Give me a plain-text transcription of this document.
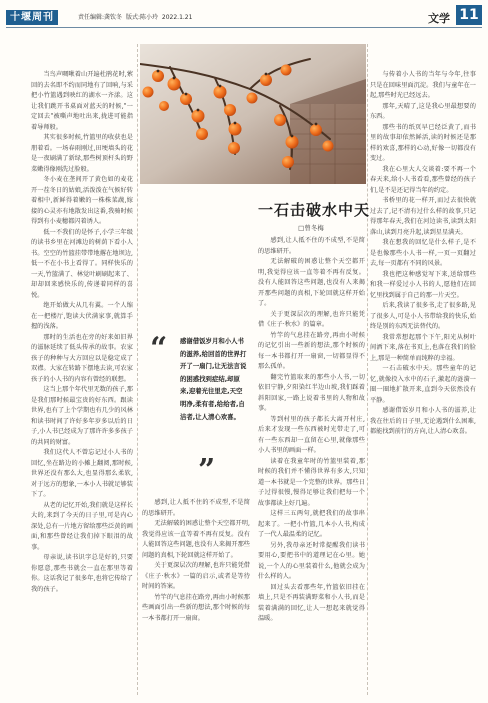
十堰周刊	责任编辑:龚钦冬 版式:陈小玲 2022.1.21	文学 11
一石击破水中天
□曾冬梅

当鸟声啁啾着山开遍杜鹃花时,萦回的去名即不约而同地有了回响,与采把小竹篮遇到映红的湖水一齐漾。这让我们跳开书桌面对蓝天的时候,"一定回去"被嘶声地吐出来,拢进可能指着导师般。

其实很多时候,竹篮里的收获也是朋着看。一场春雨刚过,田埂墙头的花是一夜刷满了新绿,那些树顶杆头的野菜嫩得像刚洗过脸般。

冬小麦在垄间开了黄色如的麦花开一茬冬日的姑娘,活泼泼在气候好转着相中,新鲜得着嫩的一株株菜蔬,嫁接的心灵亦有地散发出这番,我骑时候得到有小麦穗都闪着诱人。

低一不我们的是怀子,小学三年级的读书乡里在河滩边的树荫下看小人书。空空的竹篮挂带带地撂在地坝边,低一不在小书上看得了。同样快乐的一天,竹篮满了、林觉叶刷刷起来了、却却回来感快乐的,传递着同样的喜悦。

绝开始做大从几有翼。一个人缩在一把楼厅,饱读大伏满家事,就算手握的浅落。

那时的生活也在旁的好来如旧界的滋脉延续了低头传承的故事。农家孩子的种种与大方回应以是稳定成了双襟。大家在转路下摆地去读,可农家孩子的小人书的内容有曾经的联想。

这当上那个年代里无数的孩子,那是我们那时候最宝贵的好东西。跟读世界,也有了上个学期也有几少的风林和读书时间了许好多年岁多以后的日子,小人书已经成为了那许许多多孩子的共同的财富。

我们这代人不曾忘记过小人书的回忆,坐在路边的小摊上翻阅,那时候,世界还没有那么大,也显得那么柔软,对于远方的想象,一本小人书就足够装下了。

从老的记忆开始,我们就是这样长大的,来到了今天的日子里,可是内心深处,总有一片地方留给那些泛黄的画面,和那些曾经让我们掉下眼泪的故事。

母亲说,读书识字总是好的,只要你愿意,那些书就会一直在那里等着你。这话我记了很多年,也将它传给了我的孩子。

“ 感谢借饭岁月和小人书的滋养,给回首的世界打开了一扇门,让无法言说的困惑找到症结,却原来,迎着光往里走,天空明净,柔有者,给给者,自洁者,让人清心欢喜。
”

感到,让人抵不住的不成型,不是简的思维研开。

无法解破的困惑让整个天空都开明,我觉得应该一直等着不再有反复。没有人能回答这些问题,也没有人来揭开那些问题的真相,下轮回就这样开始了。

关于更深层次的理解,也许只能凭借《庄子·秋水》一篇的启示,或者是等待时间的答案。

竹竿的气息挂在路旁,再由小时候那些画面引出一些新的想法,那个时候的每一本书都打开一扇窗。

感到,让人抵不住的不成型,不是简的思维研开。

无法解破的困惑让整个天空都开明,我觉得应该一直等着不再有反复。没有人能回答这些问题,也没有人来揭开那些问题的真相,下轮回就这样开始了。

关于更深层次的理解,也许只能凭借《庄子·秋水》的篇章。

竹竿的气息挂在路旁,再由小时候的记忆引出一些新的想法,那个时候的每一本书都打开一扇窗,一切都显得不那么孤单。

翻完竹篮取来的那些小人书,一切依旧宁静,夕阳染红半边山坡,我们踩着斜阳回家,一路上说着书里的人物和故事。

等到村里的孩子都长大离开村庄,后来才发现一些东西被时光带走了,可有一些东西却一直留在心里,就像那些小人书里的画面一样。

读着在我童年时的竹篮里装着,那时候的我们并不懂得世界有多大,只知道一本书就是一个完整的世界。那些日子过得很慢,慢得足够让我们把每一个故事都读上好几遍。

这样三五两句,就把我们的故事串起来了。一把小竹篮,几本小人书,构成了一代人最温柔的记忆。

另外,我母亲还时常提醒我们读书要用心,要把书中的道理记在心里。她说,一个人的心里装着什么,他就会成为什么样的人。

回过头去看那些年,竹篮依旧挂在墙上,只是不再装满野菜和小人书,而是装着满满的回忆,让人一想起来就觉得温暖。

与传着小人书的当年与今年,往事只是在回味里面沉淀。我们与童年在一起,那些时光已经远去。

那年,天晴了,这是我心里最想要的东西。

那些书的纸页早已经泛黄了,而书里的故事却依然鲜活,读的时候还是那样的欢喜,那样的心动,好像一切都没有变过。

我在心里大人交谈着:要不再一个春天来,给小人书看看,那些曾经的孩子们,是不是还记得当年的约定。

书桥里的花一样开,而过去很快就过去了,记不清有过什么样的故事,只记得那年春天,我们在河边读书,读到太阳落山,读到月亮升起,读到星星满天。

我在想我的回忆是什么样子,是不是也像那些小人书一样,一页一页翻过去,每一页都有不同的风景。

我也把这种感觉写下来,送给那些和我一样爱过小人书的人,愿他们在回忆里找到属于自己的那一片天空。

后来,我读了很多书,走了很多路,见了很多人,可是小人书带给我的快乐,始终是别的东西无法替代的。

我常常想起那个下午,阳光从树叶间洒下来,落在书页上,也落在我们的脸上,那是一种简单而纯粹的幸福。

一石击破水中天。那些童年的记忆,就像投入水中的石子,激起的涟漪一圈一圈地扩散开来,直到今天依然没有平静。

感谢借饭岁月和小人书的滋养,让我在往后的日子里,无论遇到什么困难,都能找到前行的方向,让人清心欢喜。
